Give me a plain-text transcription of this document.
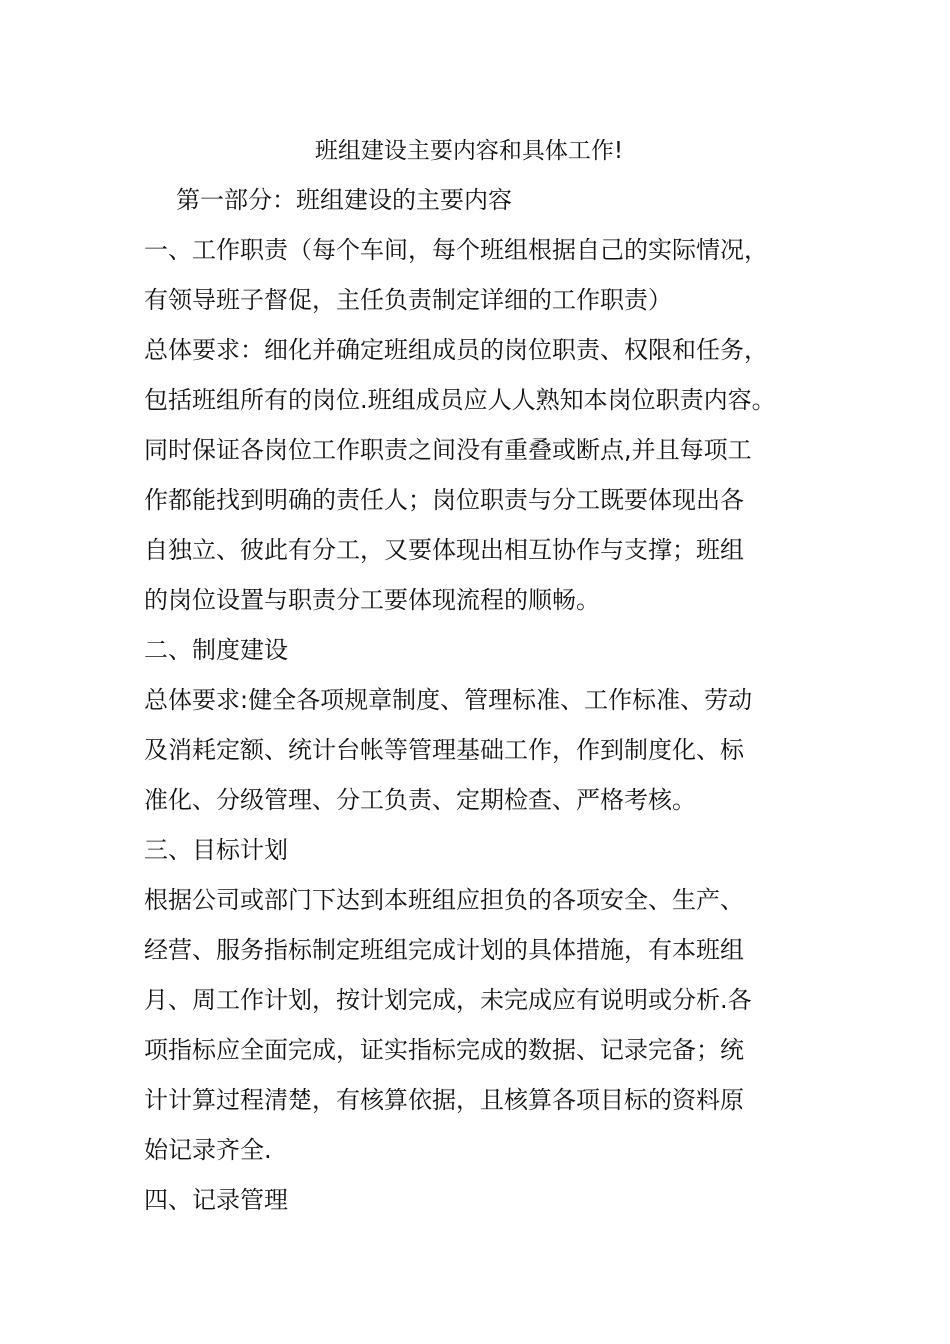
班组建设主要内容和具体工作!
第一部分：班组建设的主要内容
一、工作职责（每个车间，每个班组根据自己的实际情况，
有领导班子督促，主任负责制定详细的工作职责）
总体要求：细化并确定班组成员的岗位职责、权限和任务，
包括班组所有的岗位.班组成员应人人熟知本岗位职责内容。
同时保证各岗位工作职责之间没有重叠或断点,并且每项工
作都能找到明确的责任人；岗位职责与分工既要体现出各
自独立、彼此有分工，又要体现出相互协作与支撑；班组
的岗位设置与职责分工要体现流程的顺畅。
二、制度建设
总体要求:健全各项规章制度、管理标准、工作标准、劳动
及消耗定额、统计台帐等管理基础工作，作到制度化、标
准化、分级管理、分工负责、定期检查、严格考核。
三、目标计划
根据公司或部门下达到本班组应担负的各项安全、生产、
经营、服务指标制定班组完成计划的具体措施，有本班组
月、周工作计划，按计划完成，未完成应有说明或分析.各
项指标应全面完成，证实指标完成的数据、记录完备；统
计计算过程清楚，有核算依据，且核算各项目标的资料原
始记录齐全.
四、记录管理
